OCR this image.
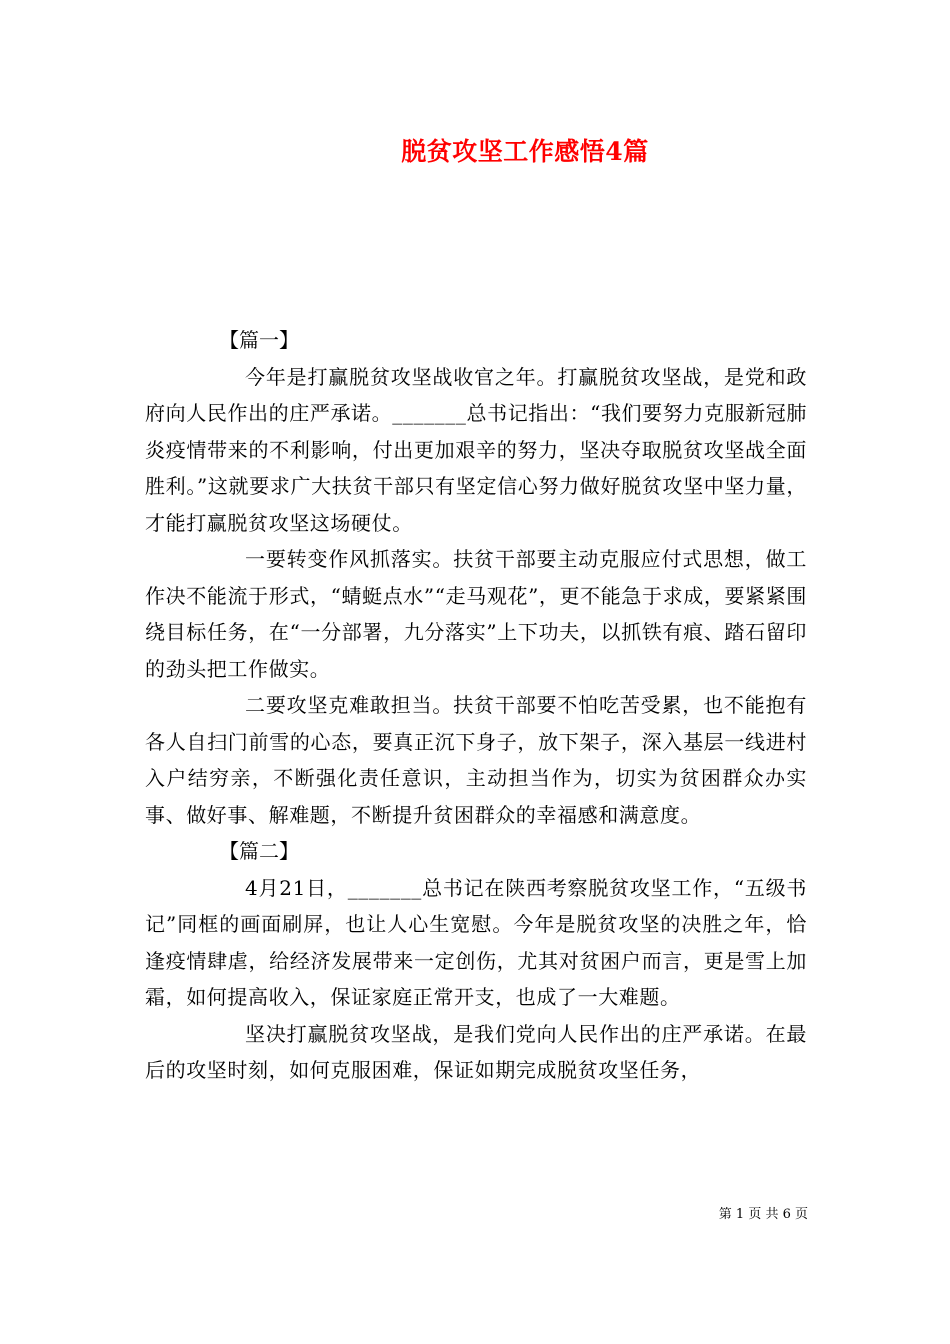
脱贫攻坚工作感悟4篇
【篇一】

今年是打赢脱贫攻坚战收官之年。打赢脱贫攻坚战，是党和政府向人民作出的庄严承诺。_______总书记指出：“我们要努力克服新冠肺炎疫情带来的不利影响，付出更加艰辛的努力，坚决夺取脱贫攻坚战全面胜利。”这就要求广大扶贫干部只有坚定信心努力做好脱贫攻坚中坚力量，才能打赢脱贫攻坚这场硬仗。

一要转变作风抓落实。扶贫干部要主动克服应付式思想，做工作决不能流于形式，“蜻蜓点水”“走马观花”，更不能急于求成，要紧紧围绕目标任务，在“一分部署，九分落实”上下功夫，以抓铁有痕、踏石留印的劲头把工作做实。

二要攻坚克难敢担当。扶贫干部要不怕吃苦受累，也不能抱有各人自扫门前雪的心态，要真正沉下身子，放下架子，深入基层一线进村入户结穷亲，不断强化责任意识，主动担当作为，切实为贫困群众办实事、做好事、解难题，不断提升贫困群众的幸福感和满意度。

【篇二】

4月21日，_______总书记在陕西考察脱贫攻坚工作，“五级书记”同框的画面刷屏，也让人心生宽慰。今年是脱贫攻坚的决胜之年，恰逢疫情肆虐，给经济发展带来一定创伤，尤其对贫困户而言，更是雪上加霜，如何提高收入，保证家庭正常开支，也成了一大难题。

坚决打赢脱贫攻坚战，是我们党向人民作出的庄严承诺。在最后的攻坚时刻，如何克服困难，保证如期完成脱贫攻坚任务，

第 1 页 共 6 页
